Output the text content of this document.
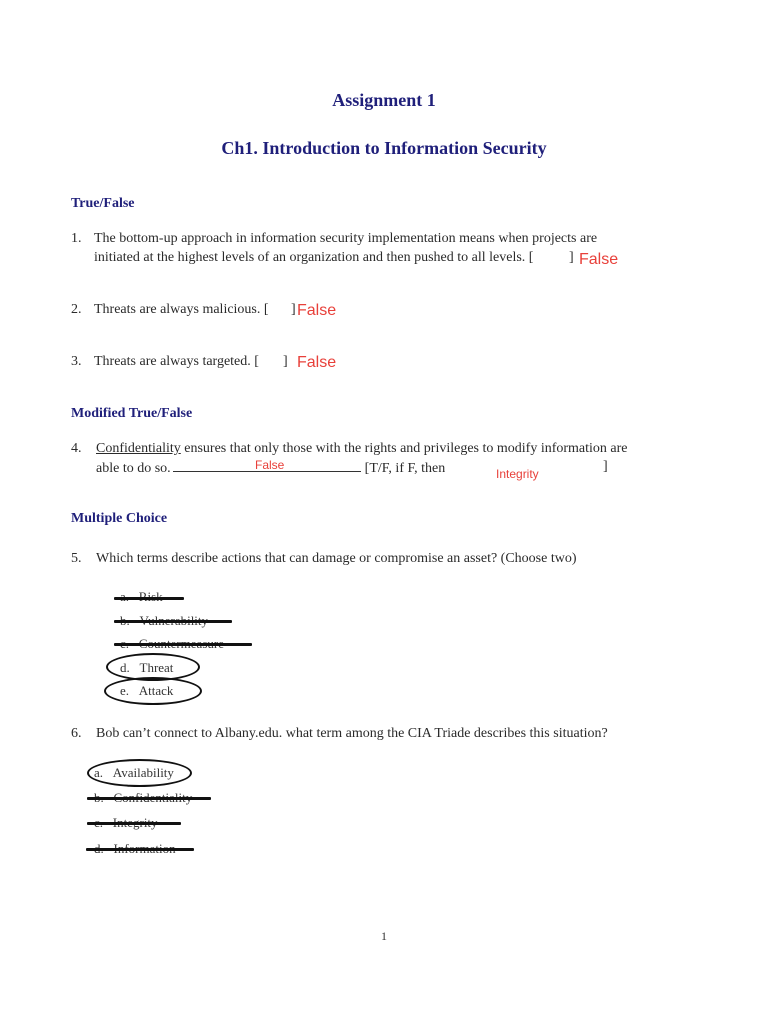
Assignment 1
Ch1. Introduction to Information Security
True/False
1. The bottom-up approach in information security implementation means when projects are
initiated at the highest levels of an organization and then pushed to all levels. [	] False
2. Threats are always malicious. [ ] False
3. Threats are always targeted. [ ] False
Modified True/False
4. Confidentiality ensures that only those with the rights and privileges to modify information are
able to do so.	[T/F, if F, then	]
False
Integrity
Multiple Choice
5. Which terms describe actions that can damage or compromise an asset? (Choose two)

d. Threat
e. Attack
6. Bob can’t connect to Albany.edu. what term among the CIA Triade describes this situation?
a. Availability

1
